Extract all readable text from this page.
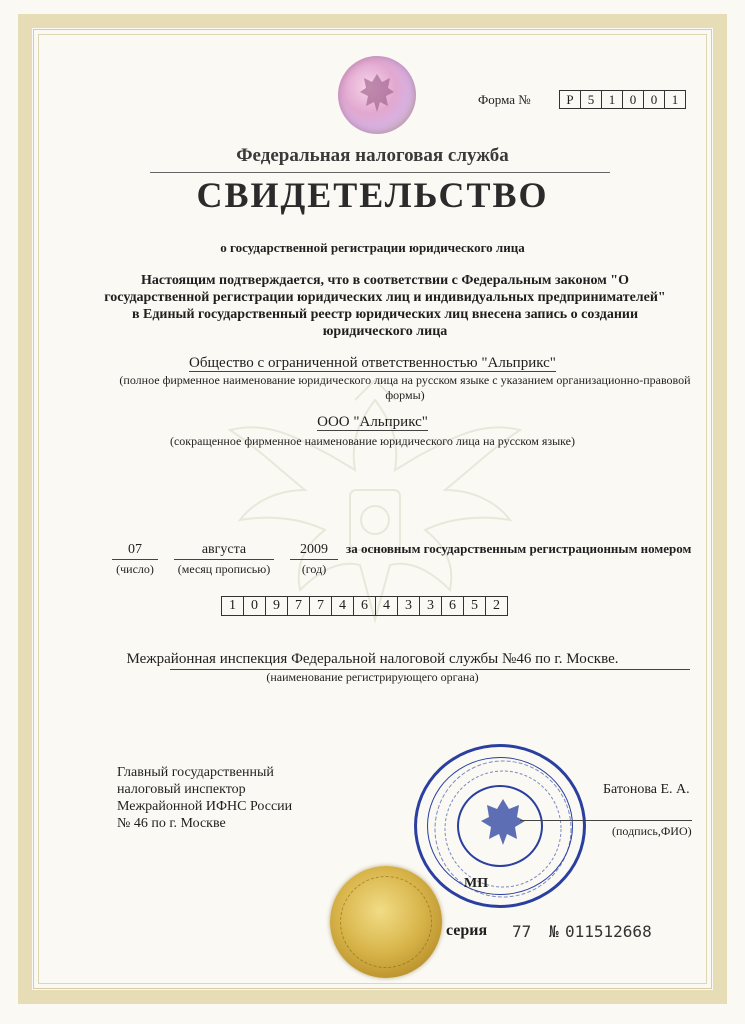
Форма №	Р	5	1	0	0	1
Федеральная налоговая служба
СВИДЕТЕЛЬСТВО
о государственной регистрации юридического лица
Настоящим подтверждается, что в соответствии с Федеральным законом "О государственной регистрации юридических лиц и индивидуальных предпринимателей" в Единый государственный реестр юридических лиц внесена запись о создании юридического лица
Общество с ограниченной ответственностью "Альприкс"
(полное фирменное наименование юридического лица на русском языке с указанием организационно-правовой формы)
ООО "Альприкс"
(сокращенное фирменное наименование юридического лица на русском языке)
07
(число)
августа
(месяц прописью)
2009
(год)
за основным государственным регистрационным номером
1	0	9	7	7	4	6	4	3	3	6	5	2
Межрайонная инспекция Федеральной налоговой службы №46 по г. Москве.
(наименование регистрирующего органа)
Главный государственный
налоговый инспектор
Межрайонной ИФНС России
№ 46 по г. Москве
МП
Батонова Е. А.
(подпись,ФИО)
серия 77 № 011512668
